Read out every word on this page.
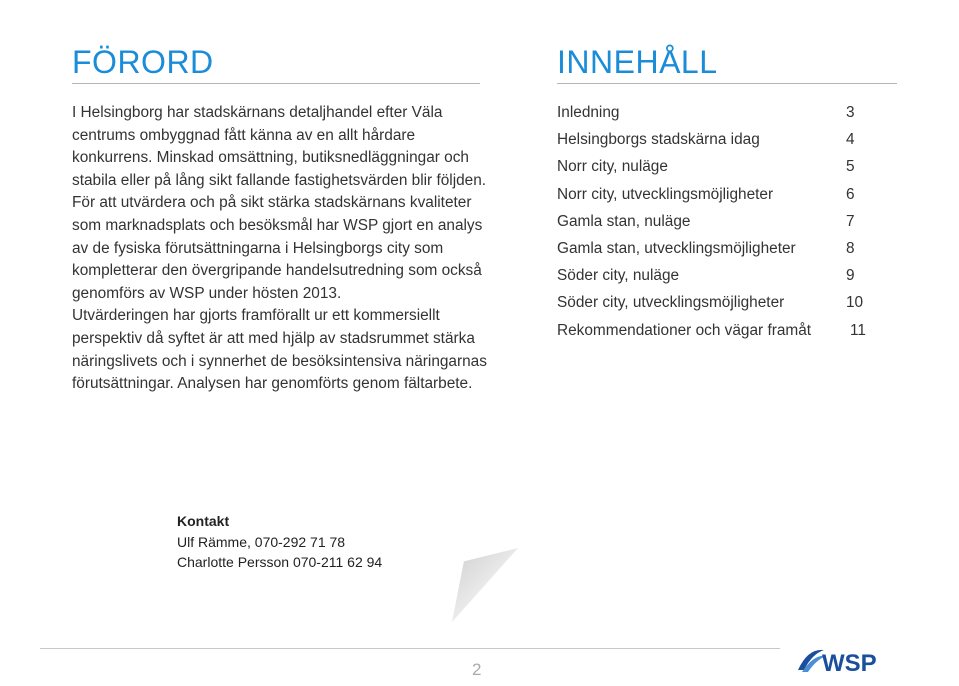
FÖRORD
I Helsingborg har stadskärnans detaljhandel efter Väla centrums ombyggnad fått känna av en allt hårdare konkurrens. Minskad omsättning, butiksnedläggningar och stabila eller på lång sikt fallande fastighetsvärden blir följden. För att utvärdera och på sikt stärka stadskärnans kvaliteter som marknadsplats och besöksmål har WSP gjort en analys av de fysiska förutsättningarna i Helsingborgs city som kompletterar den övergripande handelsutredning som också genomförs av WSP under hösten 2013.
Utvärderingen har gjorts framförallt ur ett kommersiellt perspektiv då syftet är att med hjälp av stadsrummet stärka näringslivets och i synnerhet de besöksintensiva näringarnas förutsättningar. Analysen har genomförts genom fältarbete.
Kontakt
Ulf Rämme, 070-292 71 78
Charlotte Persson 070-211 62 94
INNEHÅLL
Inledning	3
Helsingborgs stadskärna idag	4
Norr city, nuläge	5
Norr city, utvecklingsmöjligheter	6
Gamla stan, nuläge	7
Gamla stan, utvecklingsmöjligheter	8
Söder city, nuläge	9
Söder city, utvecklingsmöjligheter	10
Rekommendationer och vägar framåt	11
2	WSP
